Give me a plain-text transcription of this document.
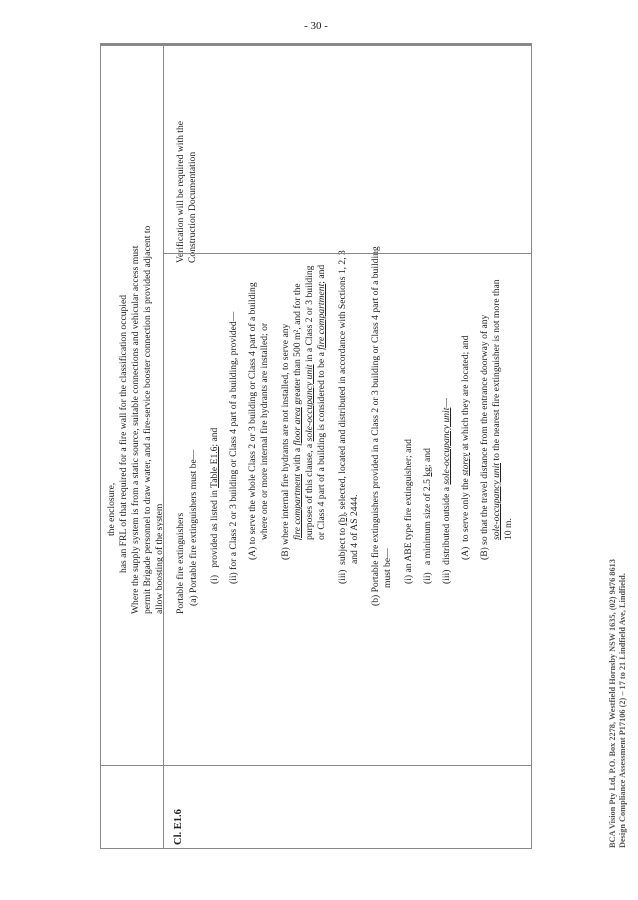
- 30 -
Cl. E1.6
the enclosure, has an FRL of that required for a fire wall for the classification occupied Where the supply system is from a static source, suitable connections and vehicular access must permit Brigade personnel to draw water, and a fire-service booster connection is provided adjacent to allow boosting of the system
Verification will be required with the Construction Documentation
Portable fire extinguishers (a) Portable fire extinguishers must be— (i)   provided as listed in Table E1.6; and (ii) for a Class 2 or 3 building or Class 4 part of a building, provided— (A) to serve the whole Class 2 or 3 building or Class 4 part of a building where one or more internal fire hydrants are installed; or (B) where internal fire hydrants are not installed, to serve any fire compartment with a floor area greater than 500 m², and for the
purposes of this clause, a sole-occupancy unit in a Class 2 or 3 building
or Class 4 part of a building is considered to be a fire compartment; and
(iii)  subject to (b), selected, located and distributed in accordance with Sections 1, 2, 3
and 4 of AS 2444. (b) Portable fire extinguishers provided in a Class 2 or 3 building or Class 4 part of a building must be— (i) an ABE type fire extinguisher; and (ii)   a minimum size of 2.5 kg; and
(iii)  distributed outside a sole-occupancy unit—
(A)  to serve only the storey at which they are located; and (B) so that the travel distance from the entrance doorway of any sole-occupancy unit to the nearest fire extinguisher is not more than
10 m.
BCA Vision Pty Ltd, P.O. Box 2278, Westfield Hornsby NSW 1635, (02) 9476 8613 Design Compliance Assessment P17106 (2) – 17 to 21 Lindfield Ave, Lindfield.
